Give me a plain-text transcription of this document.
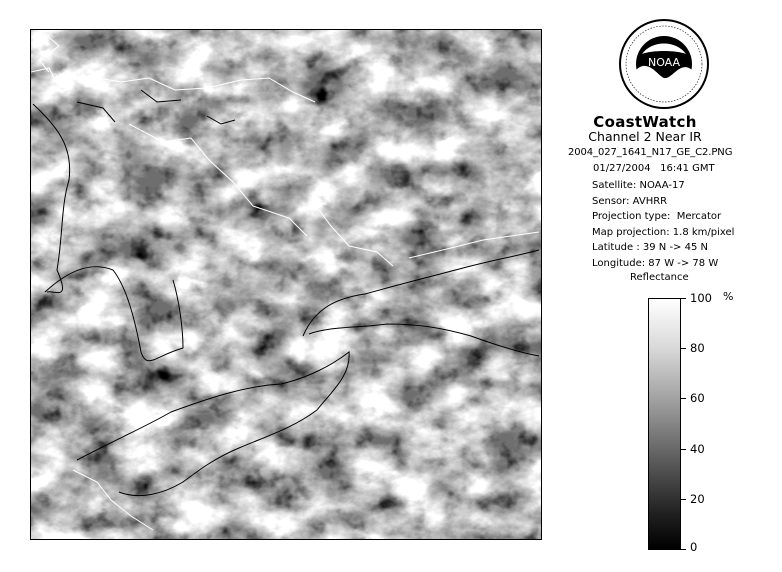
NOAA
CoastWatch
Channel 2 Near IR
2004_027_1641_N17_GE_C2.PNG
01/27/2004   16:41 GMT
Satellite: NOAA-17
Sensor: AVHRR
Projection type:  Mercator
Map projection: 1.8 km/pixel
Latitude : 39 N -> 45 N
Longitude: 87 W -> 78 W
Reflectance
%
100
80
60
40
20
0
